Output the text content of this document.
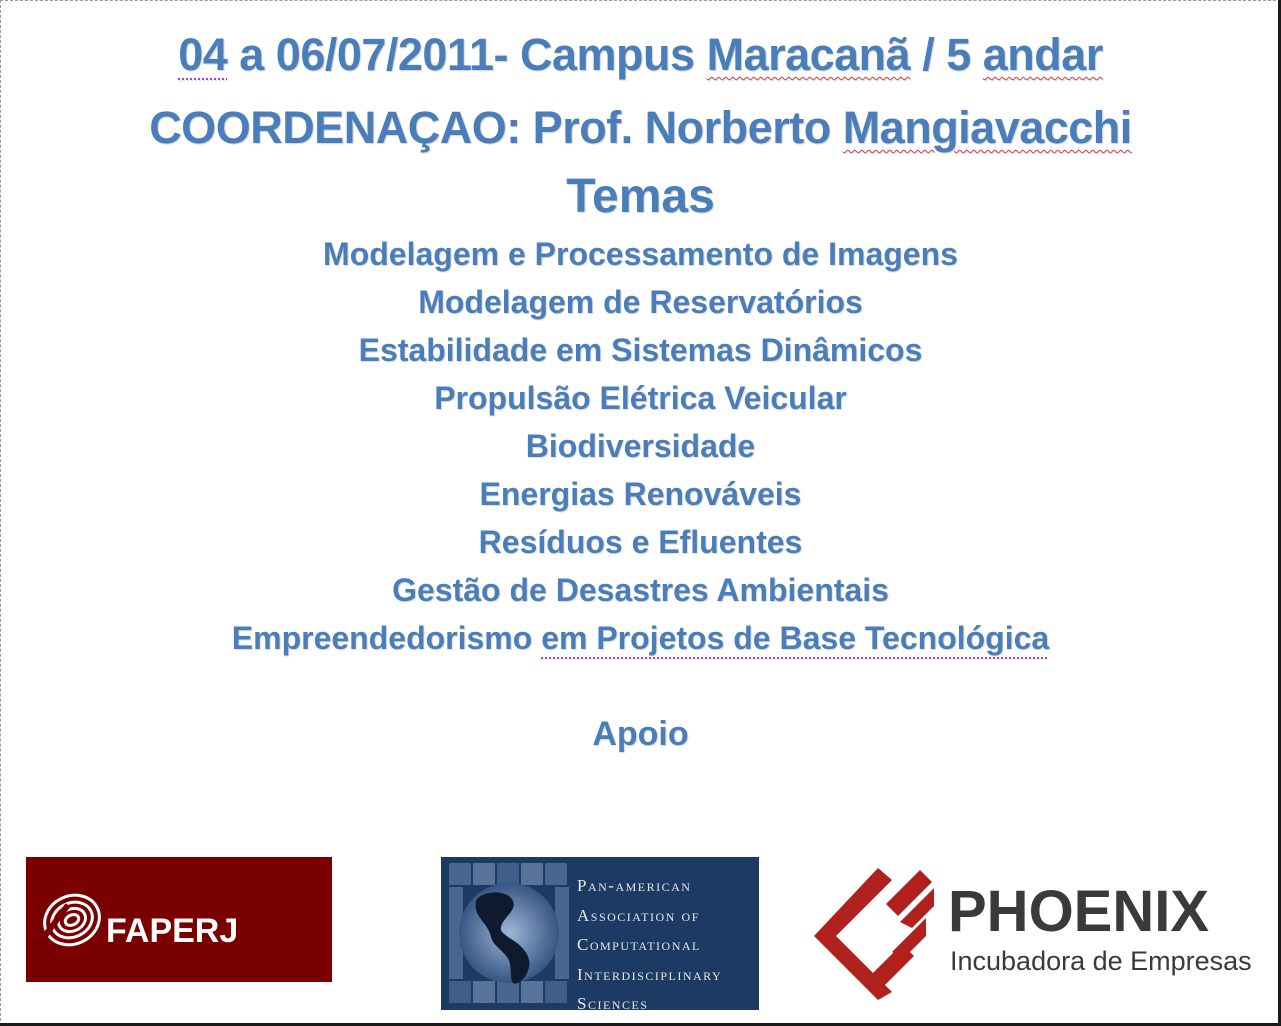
04 a 06/07/2011- Campus Maracanã / 5 andar
COORDENAÇAO: Prof. Norberto Mangiavacchi
Temas
Modelagem e Processamento de Imagens
Modelagem de Reservatórios
Estabilidade em Sistemas Dinâmicos
Propulsão Elétrica Veicular
Biodiversidade
Energias Renováveis
Resíduos e Efluentes
Gestão de Desastres Ambientais
Empreendedorismo em Projetos de Base Tecnológica
Apoio
FAPERJ
Pan-american
Association of
Computational
Interdisciplinary
Sciences
PHOENIX
Incubadora de Empresas
